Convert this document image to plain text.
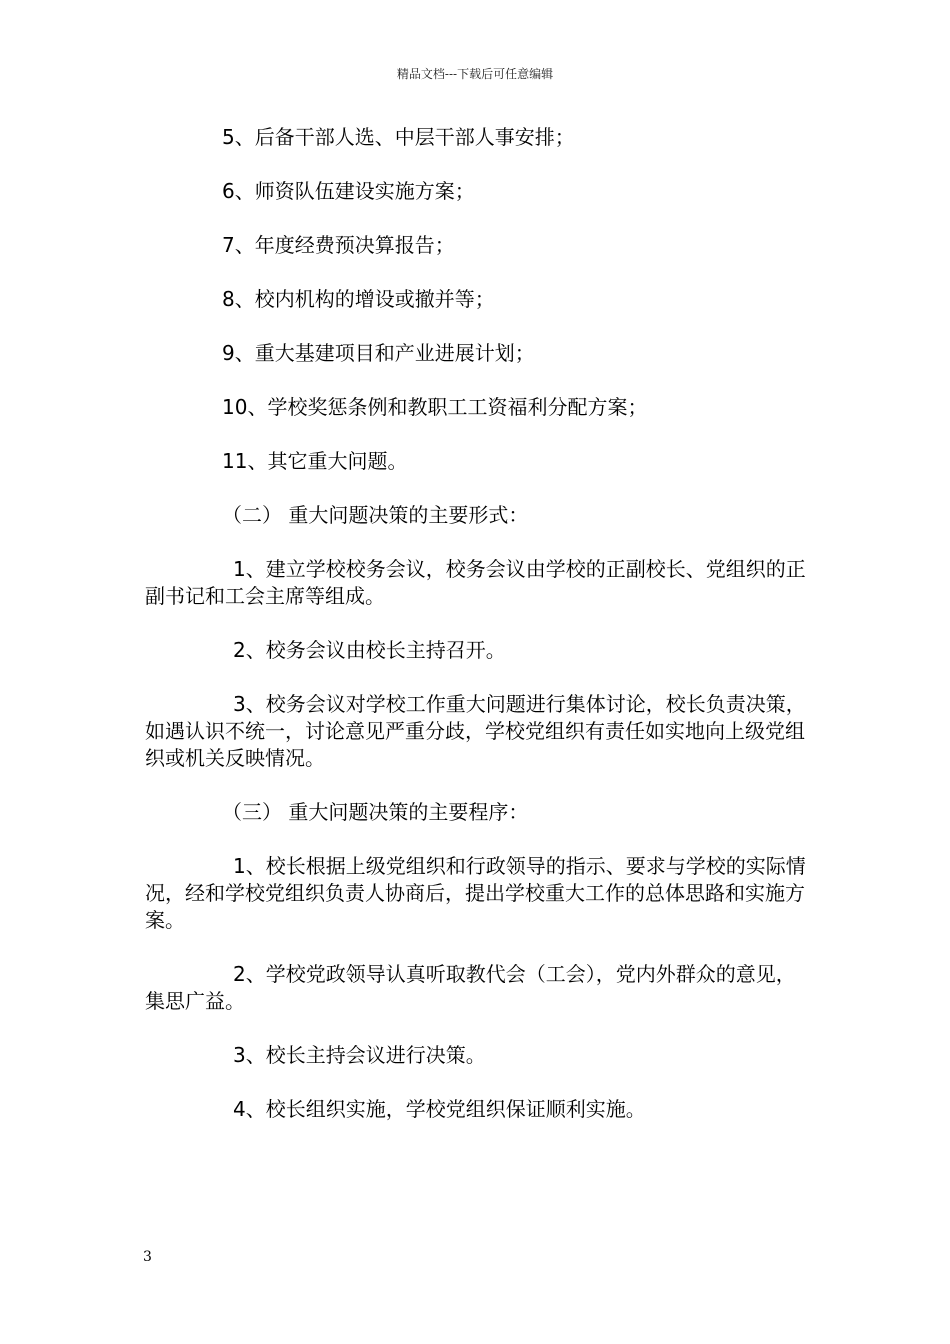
精品文档---下载后可任意编辑

5、后备干部人选、中层干部人事安排；

6、师资队伍建设实施方案；

7、年度经费预决算报告；

8、校内机构的增设或撤并等；

9、重大基建项目和产业进展计划；

10、学校奖惩条例和教职工工资福利分配方案；

11、其它重大问题。

（二） 重大问题决策的主要形式：

1、建立学校校务会议，校务会议由学校的正副校长、党组织的正副书记和工会主席等组成。

2、校务会议由校长主持召开。

3、校务会议对学校工作重大问题进行集体讨论，校长负责决策，如遇认识不统一，讨论意见严重分歧，学校党组织有责任如实地向上级党组织或机关反映情况。

（三） 重大问题决策的主要程序：

1、校长根据上级党组织和行政领导的指示、要求与学校的实际情况，经和学校党组织负责人协商后，提出学校重大工作的总体思路和实施方案。

2、学校党政领导认真听取教代会（工会），党内外群众的意见，集思广益。

3、校长主持会议进行决策。

4、校长组织实施，学校党组织保证顺利实施。

3
